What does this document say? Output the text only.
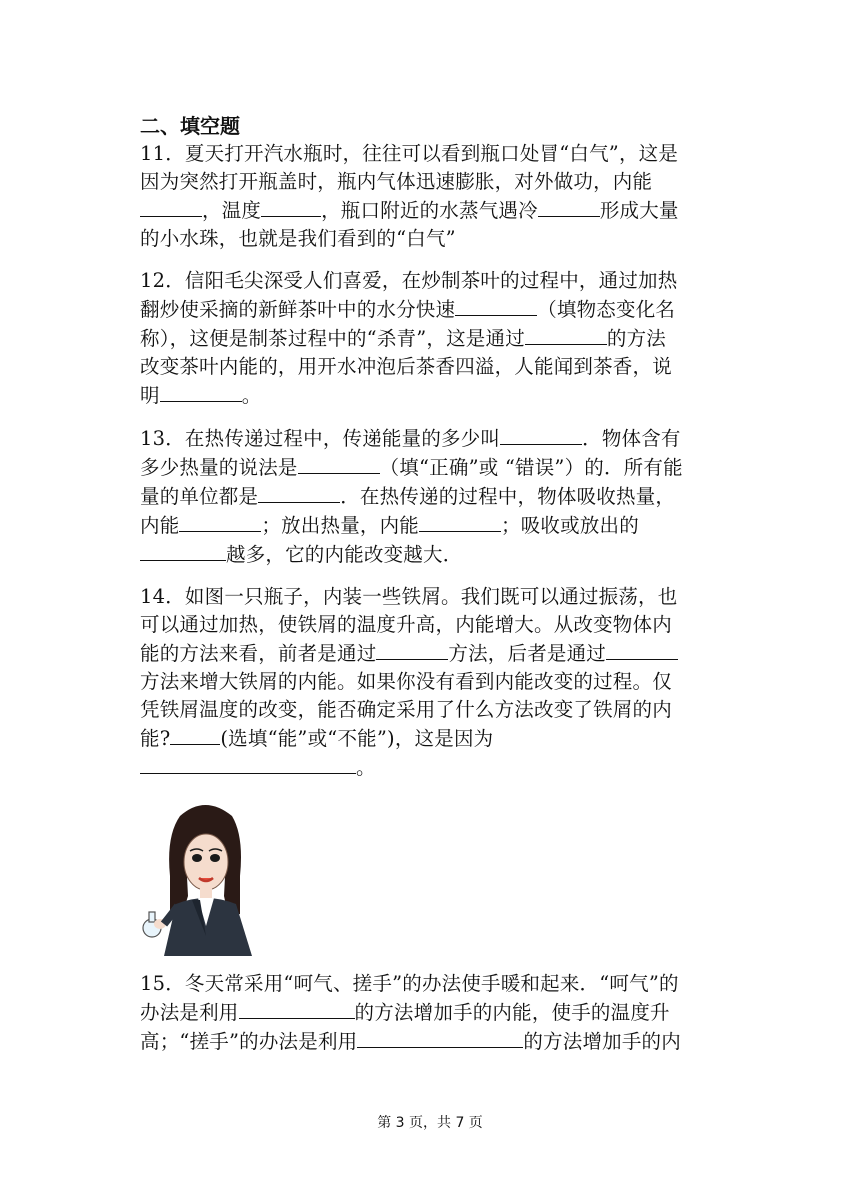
二、填空题

11．夏天打开汽水瓶时，往往可以看到瓶口处冒“白气”，这是
因为突然打开瓶盖时，瓶内气体迅速膨胀，对外做功，内能
，温度	，瓶口附近的水蒸气遇冷	形成大量
的小水珠，也就是我们看到的“白气”
12．信阳毛尖深受人们喜爱，在炒制茶叶的过程中，通过加热
翻炒使采摘的新鲜茶叶中的水分快速	（填物态变化名
称），这便是制茶过程中的“杀青”，这是通过	的方法
改变茶叶内能的，用开水冲泡后茶香四溢，人能闻到茶香，说
明	。
13．在热传递过程中，传递能量的多少叫	．物体含有
多少热量的说法是	（填“正确”或 “错误”）的．所有能
量的单位都是	．在热传递的过程中，物体吸收热量，
内能	；放出热量，内能	；吸收或放出的
越多，它的内能改变越大．
14．如图一只瓶子，内装一些铁屑。我们既可以通过振荡，也
可以通过加热，使铁屑的温度升高，内能增大。从改变物体内
能的方法来看，前者是通过	方法，后者是通过
方法来增大铁屑的内能。如果你没有看到内能改变的过程。仅
凭铁屑温度的改变，能否确定采用了什么方法改变了铁屑的内
能?	(选填“能”或“不能”)，这是因为
。
15．冬天常采用“呵气、搓手”的办法使手暖和起来．“呵气”的
办法是利用	的方法增加手的内能，使手的温度升
高；“搓手”的办法是利用	的方法增加手的内
第 3 页，共 7 页
